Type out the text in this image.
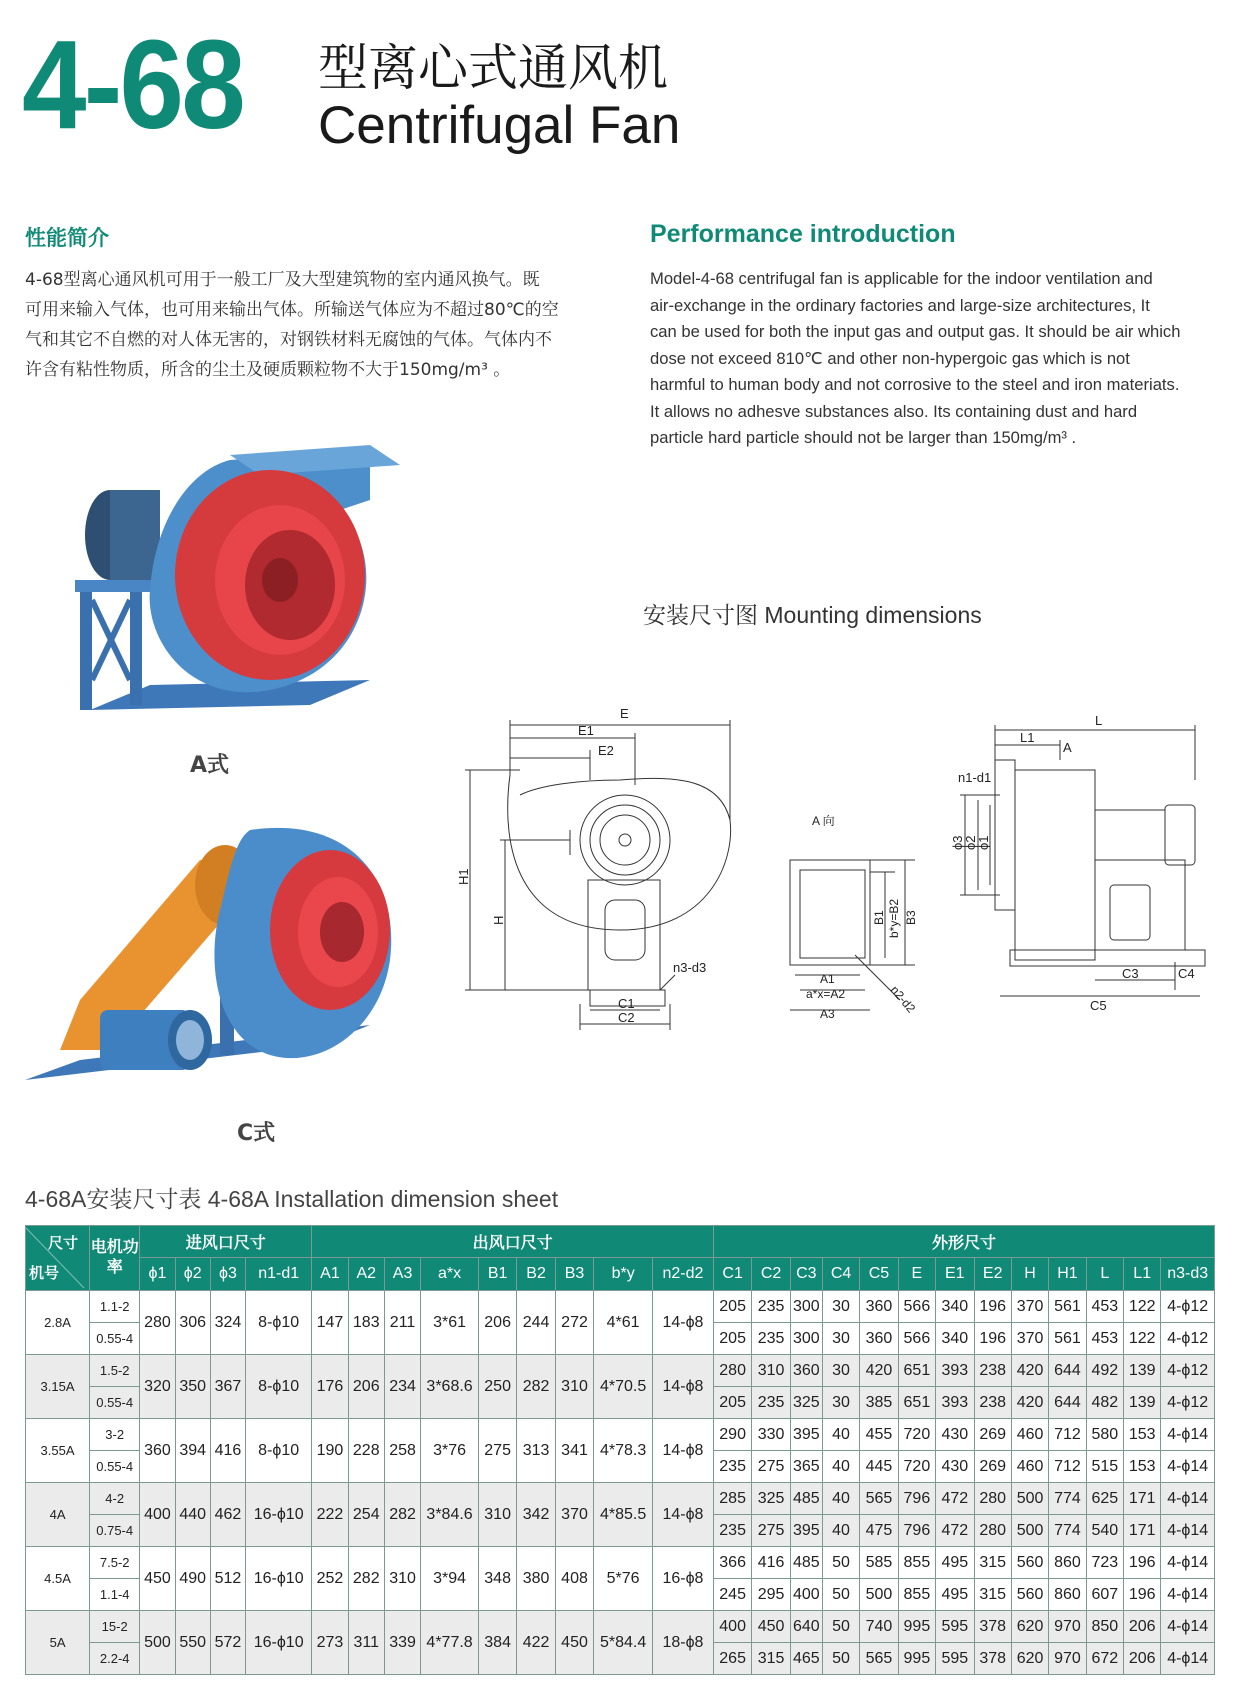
4-68 型离心式通风机
Centrifugal Fan
性能简介
4-68型离心通风机可用于一般工厂及大型建筑物的室内通风换气。既
可用来输入气体，也可用来输出气体。所输送气体应为不超过80℃的空
气和其它不自燃的对人体无害的，对钢铁材料无腐蚀的气体。气体内不
许含有粘性物质，所含的尘土及硬质颗粒物不大于150mg/m³ 。
Performance introduction
Model-4-68 centrifugal fan is applicable for the indoor ventilation and
air-exchange in the ordinary factories and large-size architectures, It
can be used for both the input gas and output gas. It should be air which
dose not exceed 810℃ and other non-hypergoic gas which is not
harmful to human body and not corrosive to the steel and iron materiats.
It allows no adhesve substances also. Its containing dust and hard
particle hard particle should not be larger than 150mg/m³ .
A式
C式
安装尺寸图 Mounting dimensions
E
E1
E2
H1
H
n3-d3
C1
C2
A 向
B1 b*y=B2 B3
A1
a*x=A2
A3	n2-d2
L
L1
A
n1-d1
ϕ3
ϕ2
ϕ1
C3	C4
C5
4-68A安装尺寸表 4-68A Installation dimension sheet
尺寸
机号	电机功率	进风口尺寸				出风口尺寸									外形尺寸												
		ϕ1	ϕ2	ϕ3	n1-d1	A1	A2	A3	a*x	B1	B2	B3	b*y	n2-d2	C1	C2	C3	C4	C5	E	E1	E2	H	H1	L	L1	n3-d3
2.8A	1.1-2	280	306	324	8-ϕ10	147	183	211	3*61	206	244	272	4*61	14-ϕ8	205	235	300	30	360	566	340	196	370	561	453	122	4-ϕ12
	0.55-4														205	235	300	30	360	566	340	196	370	561	453	122	4-ϕ12
3.15A	1.5-2	320	350	367	8-ϕ10	176	206	234	3*68.6	250	282	310	4*70.5	14-ϕ8	280	310	360	30	420	651	393	238	420	644	492	139	4-ϕ12
	0.55-4														205	235	325	30	385	651	393	238	420	644	482	139	4-ϕ12
3.55A	3-2	360	394	416	8-ϕ10	190	228	258	3*76	275	313	341	4*78.3	14-ϕ8	290	330	395	40	455	720	430	269	460	712	580	153	4-ϕ14
	0.55-4														235	275	365	40	445	720	430	269	460	712	515	153	4-ϕ14
4A	4-2	400	440	462	16-ϕ10	222	254	282	3*84.6	310	342	370	4*85.5	14-ϕ8	285	325	485	40	565	796	472	280	500	774	625	171	4-ϕ14
	0.75-4														235	275	395	40	475	796	472	280	500	774	540	171	4-ϕ14
4.5A	7.5-2	450	490	512	16-ϕ10	252	282	310	3*94	348	380	408	5*76	16-ϕ8	366	416	485	50	585	855	495	315	560	860	723	196	4-ϕ14
	1.1-4														245	295	400	50	500	855	495	315	560	860	607	196	4-ϕ14
5A	15-2	500	550	572	16-ϕ10	273	311	339	4*77.8	384	422	450	5*84.4	18-ϕ8	400	450	640	50	740	995	595	378	620	970	850	206	4-ϕ14
	2.2-4														265	315	465	50	565	995	595	378	620	970	672	206	4-ϕ14
